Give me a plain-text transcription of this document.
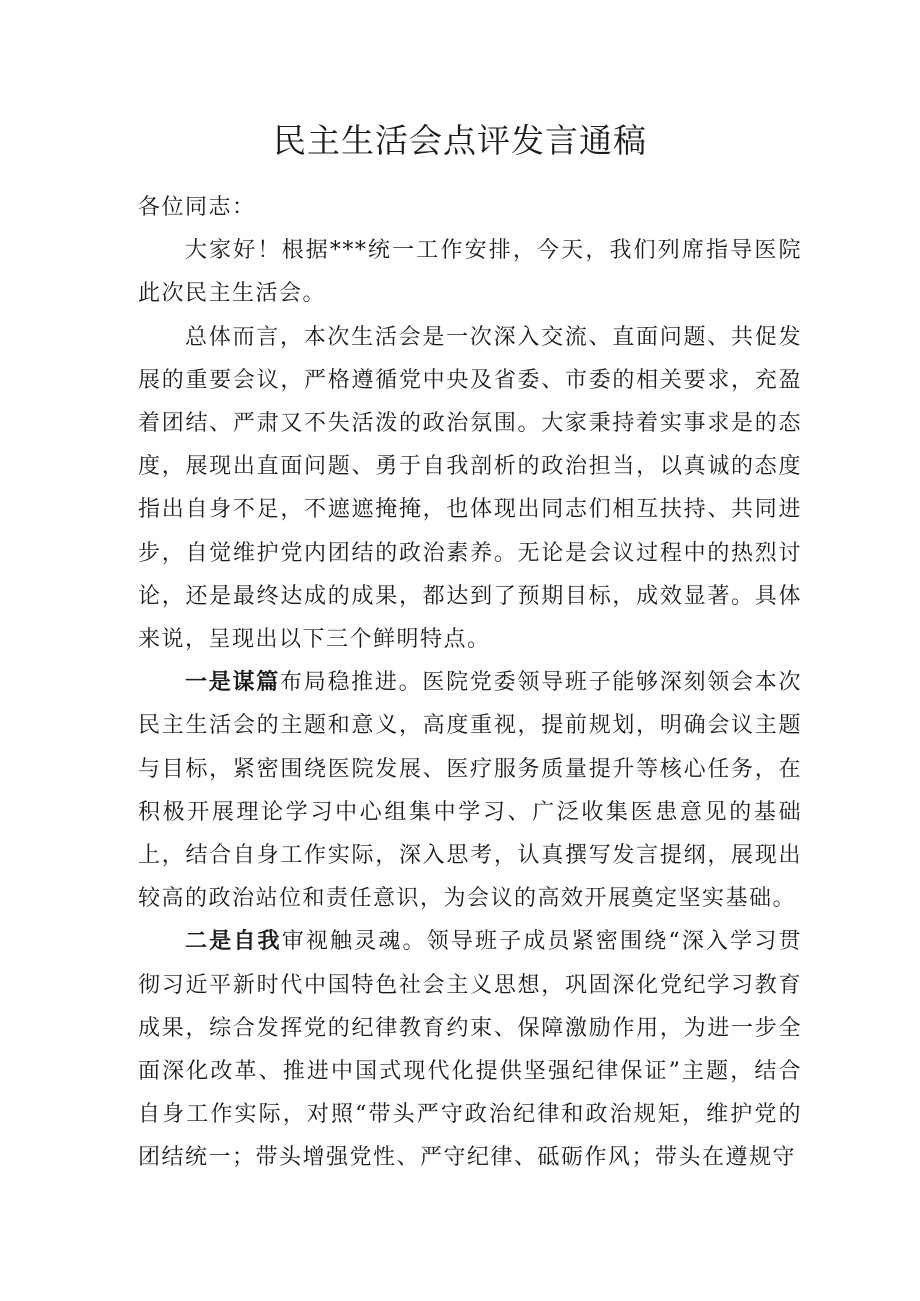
民主生活会点评发言通稿

各位同志：

大家好！根据***统一工作安排，今天，我们列席指导医院此次民主生活会。

总体而言，本次生活会是一次深入交流、直面问题、共促发展的重要会议，严格遵循党中央及省委、市委的相关要求，充盈着团结、严肃又不失活泼的政治氛围。大家秉持着实事求是的态度，展现出直面问题、勇于自我剖析的政治担当，以真诚的态度指出自身不足，不遮遮掩掩，也体现出同志们相互扶持、共同进步，自觉维护党内团结的政治素养。无论是会议过程中的热烈讨论，还是最终达成的成果，都达到了预期目标，成效显著。具体来说，呈现出以下三个鲜明特点。

一是谋篇布局稳推进。医院党委领导班子能够深刻领会本次民主生活会的主题和意义，高度重视，提前规划，明确会议主题与目标，紧密围绕医院发展、医疗服务质量提升等核心任务，在积极开展理论学习中心组集中学习、广泛收集医患意见的基础上，结合自身工作实际，深入思考，认真撰写发言提纲，展现出较高的政治站位和责任意识，为会议的高效开展奠定坚实基础。

二是自我审视触灵魂。领导班子成员紧密围绕“深入学习贯彻习近平新时代中国特色社会主义思想，巩固深化党纪学习教育成果，综合发挥党的纪律教育约束、保障激励作用，为进一步全面深化改革、推进中国式现代化提供坚强纪律保证”主题，结合自身工作实际，对照“带头严守政治纪律和政治规矩，维护党的团结统一；带头增强党性、严守纪律、砥砺作风；带头在遵规守
